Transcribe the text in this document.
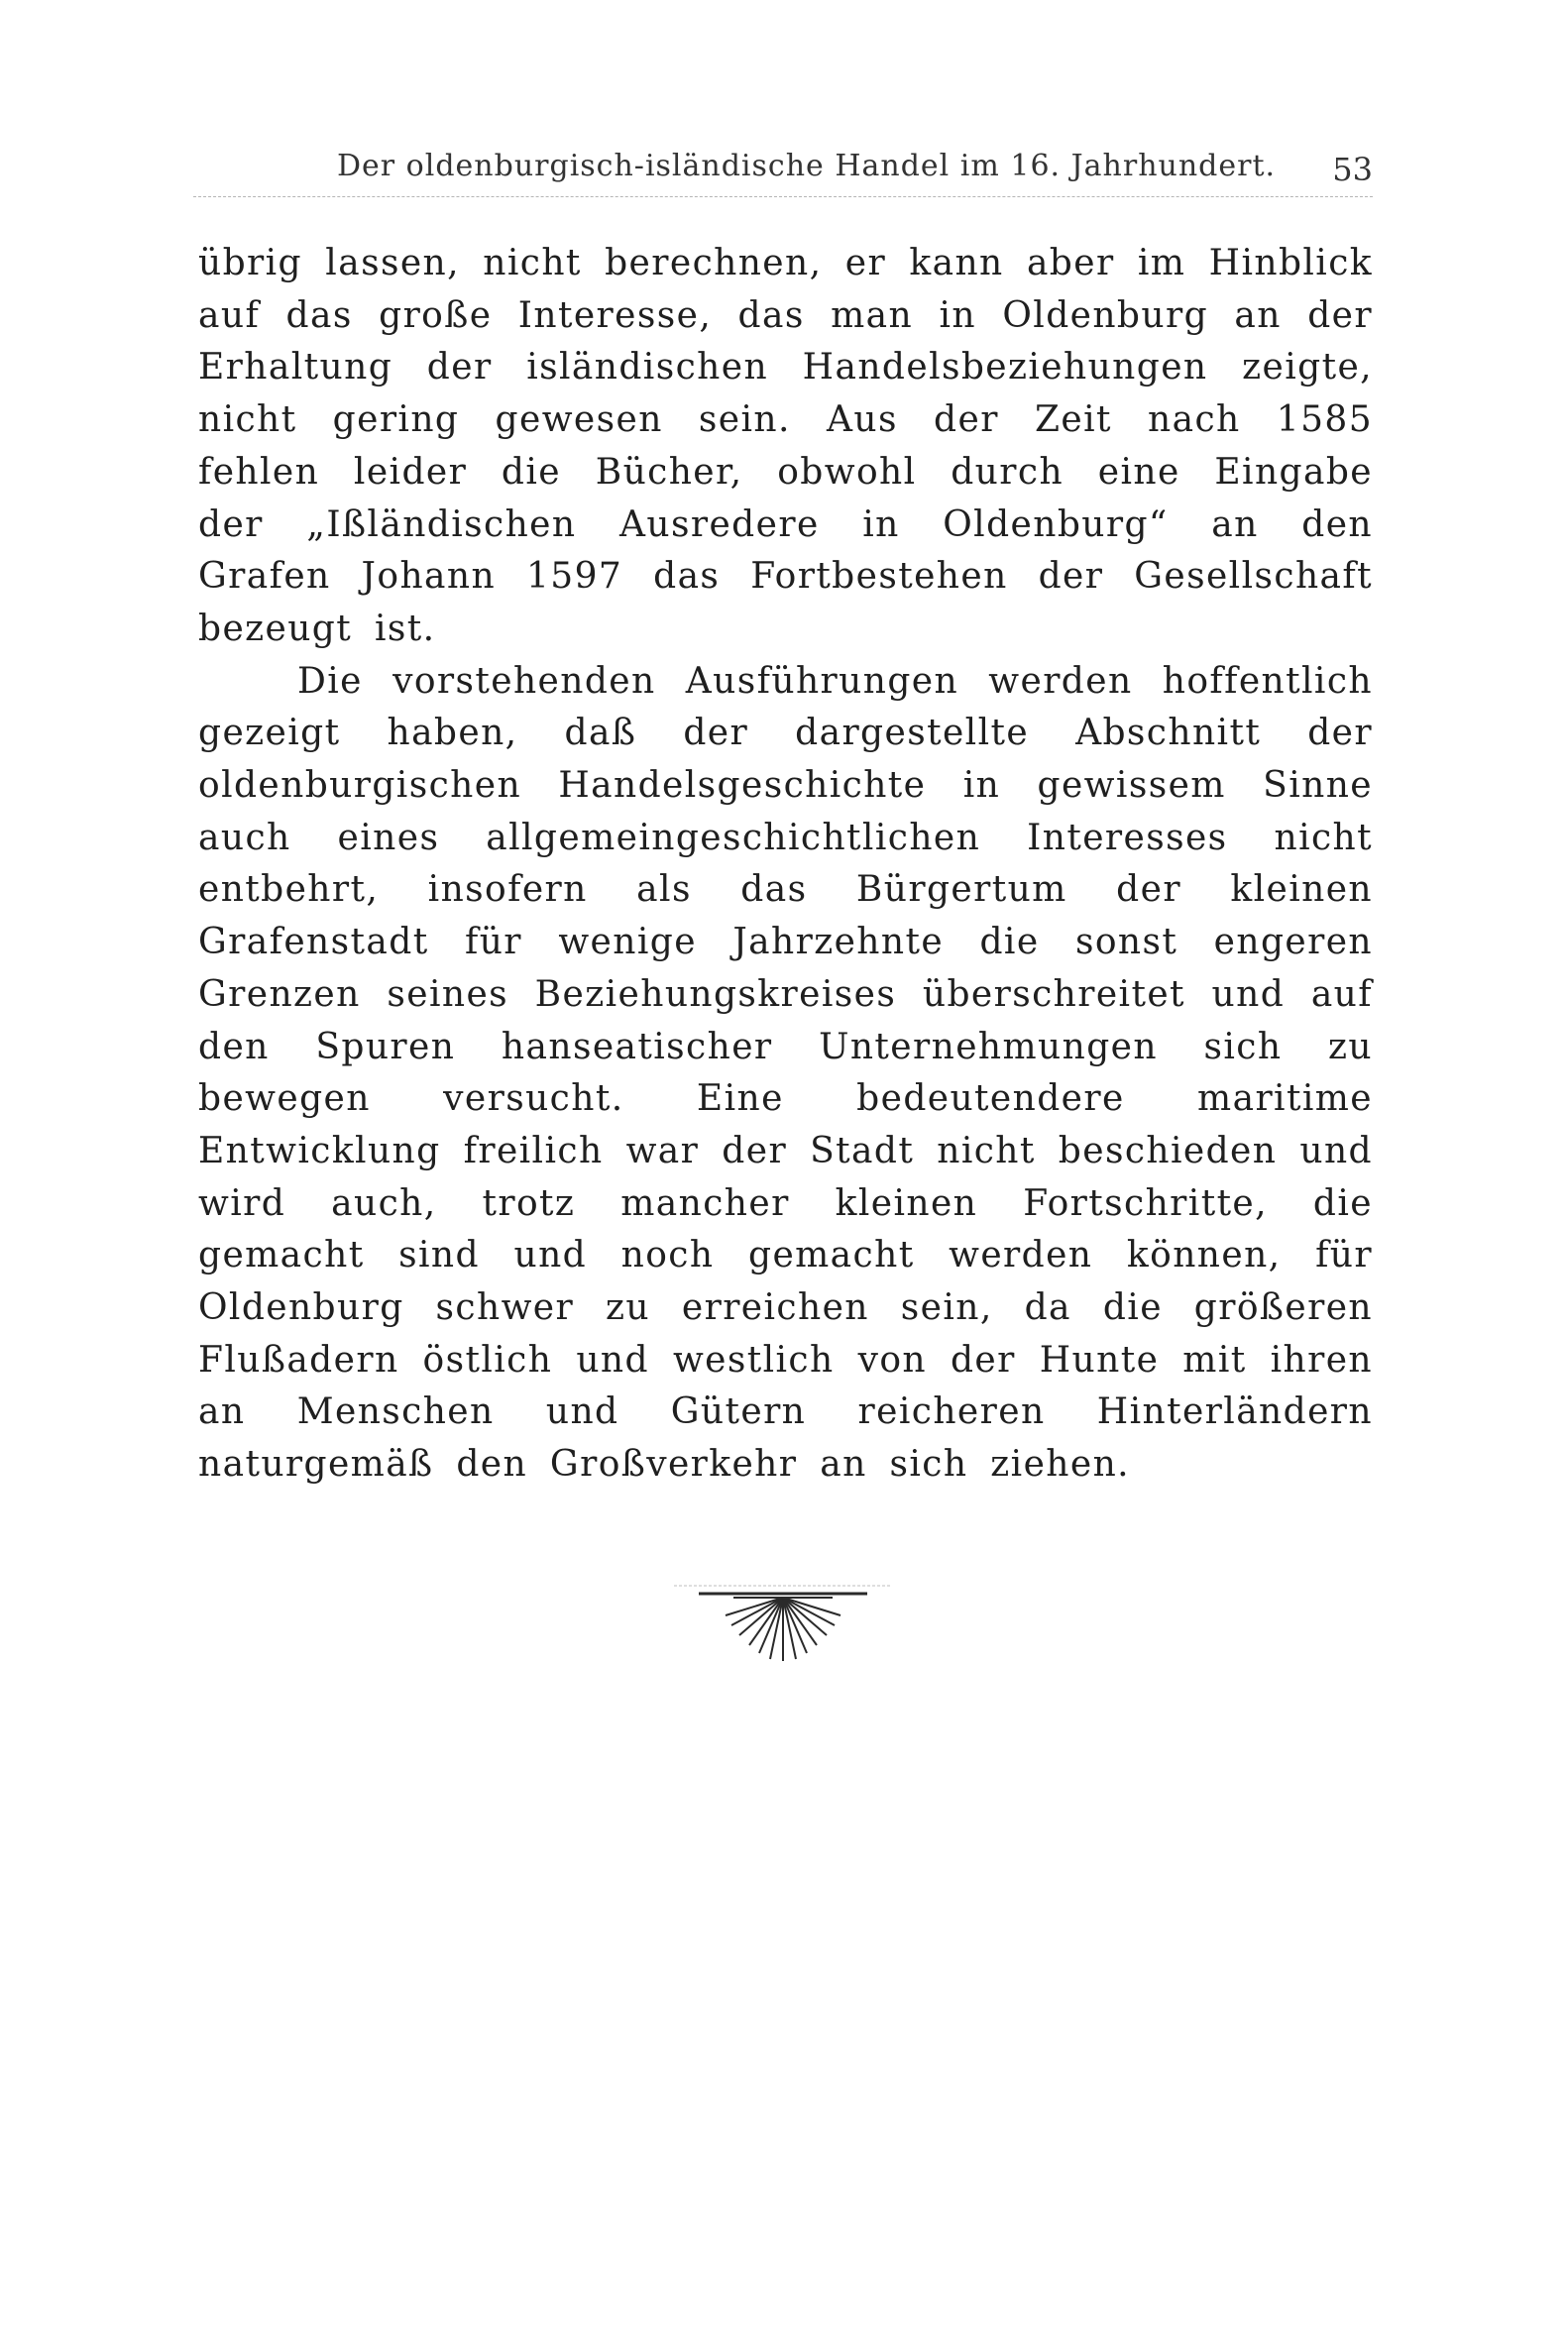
Der oldenburgisch-isländische Handel im 16. Jahrhundert. 53

übrig lassen, nicht berechnen, er kann aber im Hinblick auf das große Interesse, das man in Oldenburg an der Erhaltung der isländischen Handelsbeziehungen zeigte, nicht gering gewesen sein. Aus der Zeit nach 1585 fehlen leider die Bücher, obwohl durch eine Eingabe der „Ißländischen Ausredere in Oldenburg“ an den Grafen Johann 1597 das Fortbestehen der Gesellschaft bezeugt ist.

Die vorstehenden Ausführungen werden hoffentlich gezeigt haben, daß der dargestellte Abschnitt der oldenburgischen Handelsgeschichte in gewissem Sinne auch eines allgemeingeschichtlichen Interesses nicht entbehrt, insofern als das Bürgertum der kleinen Grafenstadt für wenige Jahrzehnte die sonst engeren Grenzen seines Beziehungskreises überschreitet und auf den Spuren hanseatischer Unternehmungen sich zu bewegen versucht. Eine bedeutendere maritime Entwicklung freilich war der Stadt nicht beschieden und wird auch, trotz mancher kleinen Fortschritte, die gemacht sind und noch gemacht werden können, für Oldenburg schwer zu erreichen sein, da die größeren Flußadern östlich und westlich von der Hunte mit ihren an Menschen und Gütern reicheren Hinterländern naturgemäß den Großverkehr an sich ziehen.
